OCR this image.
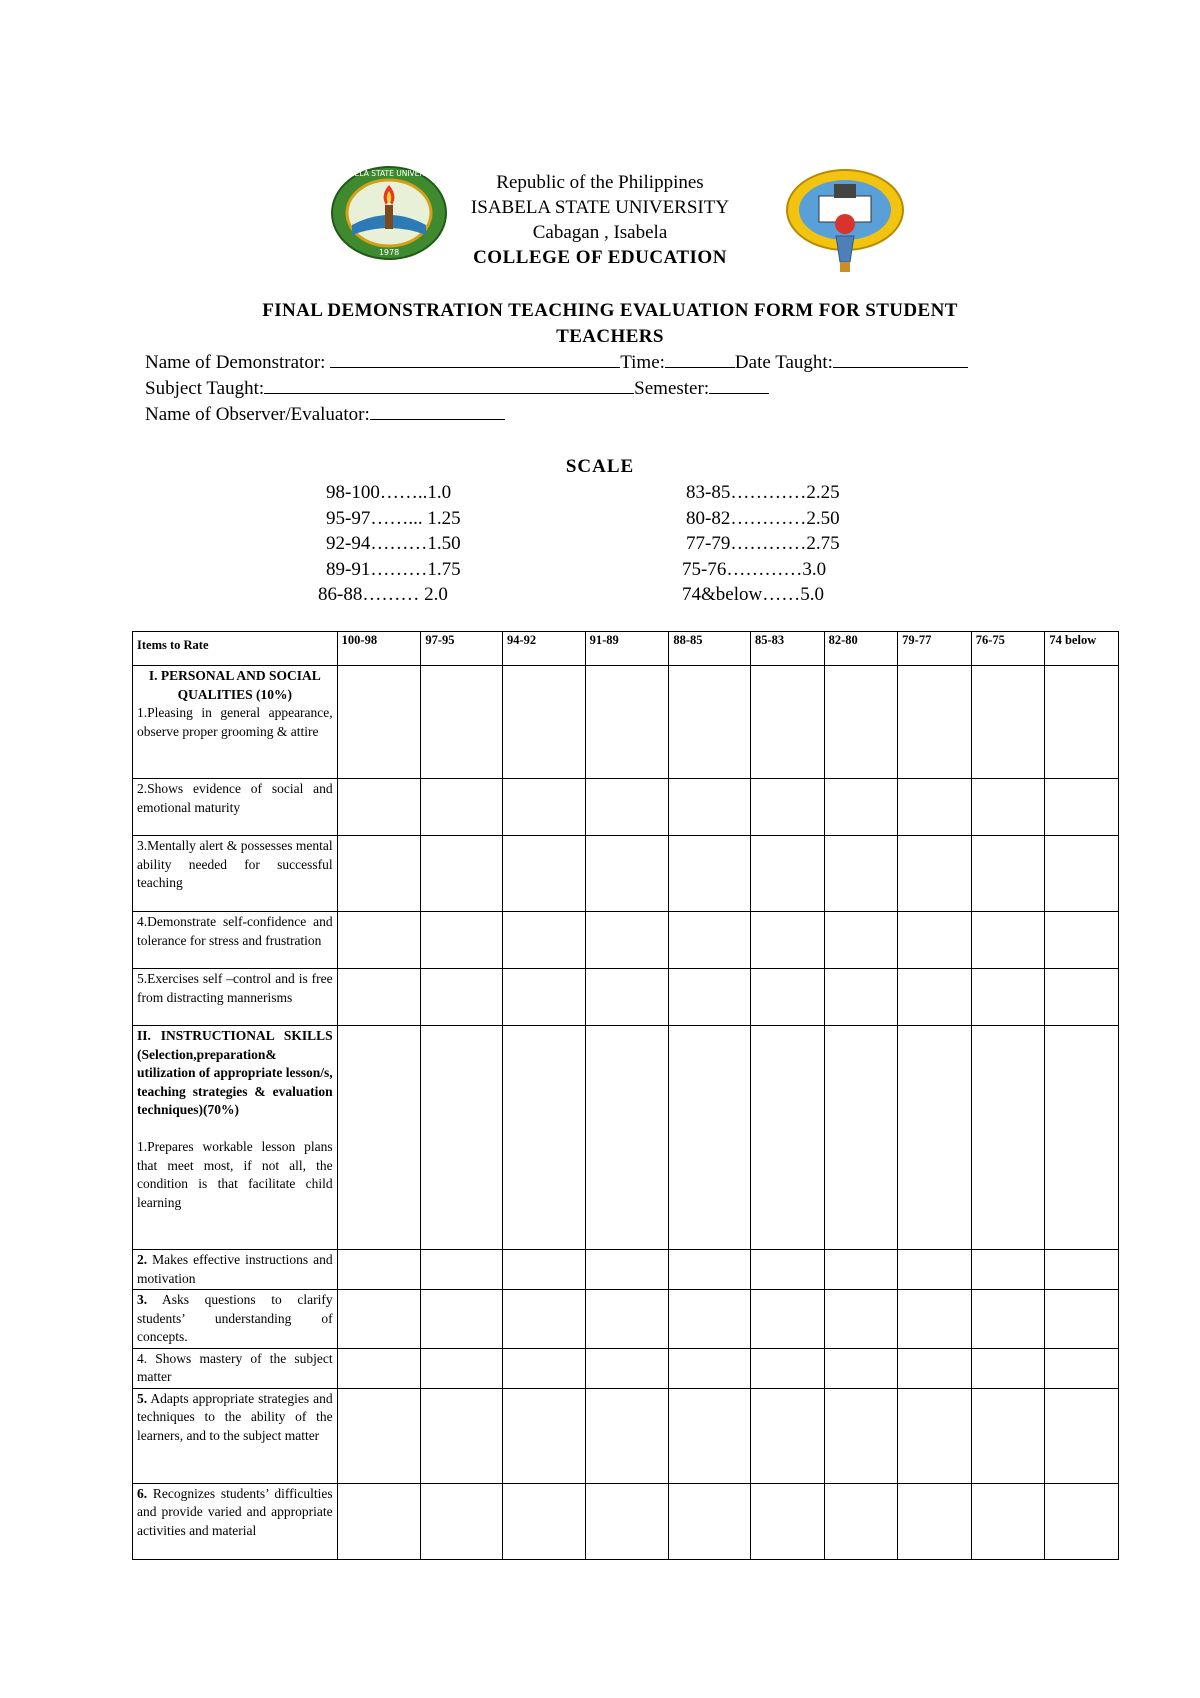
1978
ISABELA STATE UNIVERSITY	Republic of the Philippines
ISABELA STATE UNIVERSITY
Cabagan , Isabela
COLLEGE OF EDUCATION
FINAL DEMONSTRATION TEACHING EVALUATION FORM FOR STUDENT
TEACHERS
Name of Demonstrator:	Time:	Date Taught:
Subject Taught:	Semester:
Name of Observer/Evaluator:
SCALE
98-100……..1.0
95-97……... 1.25
92-94………1.50
89-91………1.75
86-88……… 2.0
83-85…………2.25
80-82…………2.50
77-79…………2.75
75-76…………3.0
74&below……5.0
Items to Rate	100-98	97-95	94-92	91-89	88-85	85-83	82-80	79-77	76-75	74 below

I. PERSONAL AND SOCIAL QUALITIES (10%)
1.Pleasing in general appearance, observe proper grooming & attire										
2.Shows evidence of social and emotional maturity										
3.Mentally alert & possesses mental ability needed for successful teaching										
4.Demonstrate self-confidence and tolerance for stress and frustration										
5.Exercises self –control and is free from distracting mannerisms										

II. INSTRUCTIONAL SKILLS (Selection,preparation& utilization of appropriate lesson/s, teaching strategies & evaluation techniques)(70%)

1.Prepares workable lesson plans that meet most, if not all, the condition is that facilitate child learning										
2. Makes effective instructions and motivation										
3. Asks questions to clarify students’ understanding of concepts.										
4. Shows mastery of the subject matter										
5. Adapts appropriate strategies and techniques to the ability of the learners, and to the subject matter										
6. Recognizes students’ difficulties and provide varied and appropriate activities and material										
